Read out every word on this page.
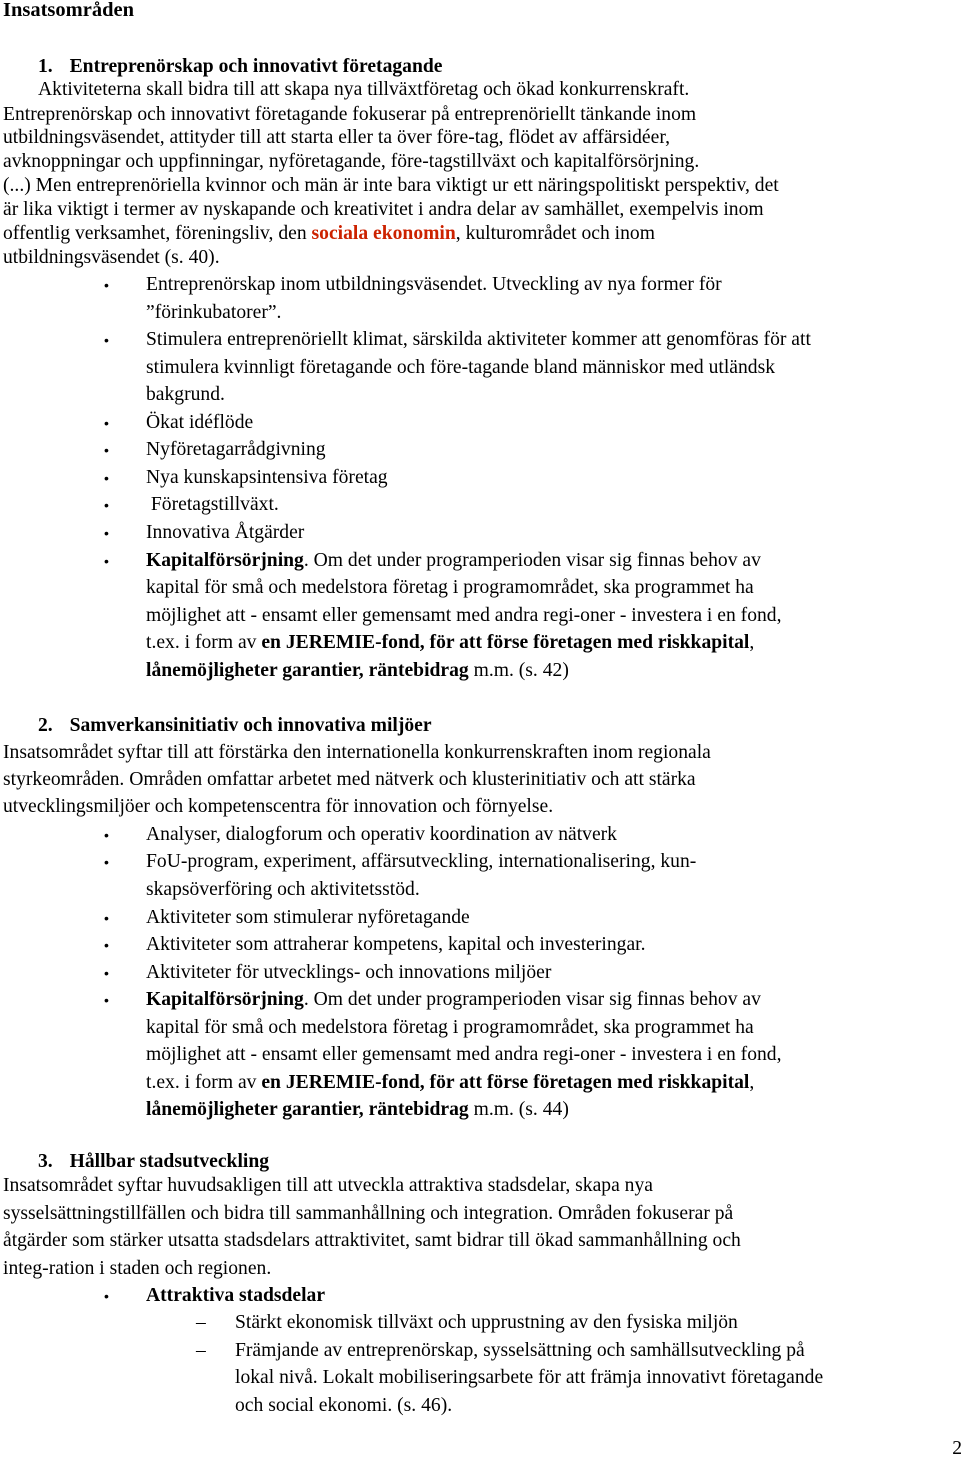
Insatsområden
1. Entreprenörskap och innovativt företagande
Aktiviteterna skall bidra till att skapa nya tillväxtföretag och ökad konkurrenskraft.
Entreprenörskap och innovativt företagande fokuserar på entreprenöriellt tänkande inom
utbildningsväsendet, attityder till att starta eller ta över före-tag, flödet av affärsidéer,
avknoppningar och uppfinningar, nyföretagande, före-tagstillväxt och kapitalförsörjning.
(...) Men entreprenöriella kvinnor och män är inte bara viktigt ur ett näringspolitiskt perspektiv, det
är lika viktigt i termer av nyskapande och kreativitet i andra delar av samhället, exempelvis inom
offentlig verksamhet, föreningsliv, den sociala ekonomin, kulturområdet och inom
utbildningsväsendet (s. 40).
•	Entreprenörskap inom utbildningsväsendet. Utveckling av nya former för
”förinkubatorer”.
•	Stimulera entreprenöriellt klimat, särskilda aktiviteter kommer att genomföras för att
stimulera kvinnligt företagande och före-tagande bland människor med utländsk
bakgrund.
•	Ökat idéflöde
•	Nyföretagarrådgivning
•	Nya kunskapsintensiva företag
•	Företagstillväxt.
•	Innovativa Åtgärder
•	Kapitalförsörjning. Om det under programperioden visar sig finnas behov av
kapital för små och medelstora företag i programområdet, ska programmet ha
möjlighet att - ensamt eller gemensamt med andra regi-oner - investera i en fond,
t.ex. i form av en JEREMIE-fond, för att förse företagen med riskkapital,
lånemöjligheter garantier, räntebidrag m.m. (s. 42)
2. Samverkansinitiativ och innovativa miljöer
Insatsområdet syftar till att förstärka den internationella konkurrenskraften inom regionala
styrkeområden. Områden omfattar arbetet med nätverk och klusterinitiativ och att stärka
utvecklingsmiljöer och kompetenscentra för innovation och förnyelse.
•	Analyser, dialogforum och operativ koordination av nätverk
•	FoU-program, experiment, affärsutveckling, internationalisering, kun-
skapsöverföring och aktivitetsstöd.
•	Aktiviteter som stimulerar nyföretagande
•	Aktiviteter som attraherar kompetens, kapital och investeringar.
•	Aktiviteter för utvecklings- och innovations miljöer
•	Kapitalförsörjning. Om det under programperioden visar sig finnas behov av
kapital för små och medelstora företag i programområdet, ska programmet ha
möjlighet att - ensamt eller gemensamt med andra regi-oner - investera i en fond,
t.ex. i form av en JEREMIE-fond, för att förse företagen med riskkapital,
lånemöjligheter garantier, räntebidrag m.m. (s. 44)
3. Hållbar stadsutveckling
Insatsområdet syftar huvudsakligen till att utveckla attraktiva stadsdelar, skapa nya
sysselsättningstillfällen och bidra till sammanhållning och integration. Områden fokuserar på
åtgärder som stärker utsatta stadsdelars attraktivitet, samt bidrar till ökad sammanhållning och
integ-ration i staden och regionen.
•	Attraktiva stadsdelar
–	Stärkt ekonomisk tillväxt och upprustning av den fysiska miljön
–	Främjande av entreprenörskap, sysselsättning och samhällsutveckling på
lokal nivå. Lokalt mobiliseringsarbete för att främja innovativt företagande
och social ekonomi. (s. 46).
2
